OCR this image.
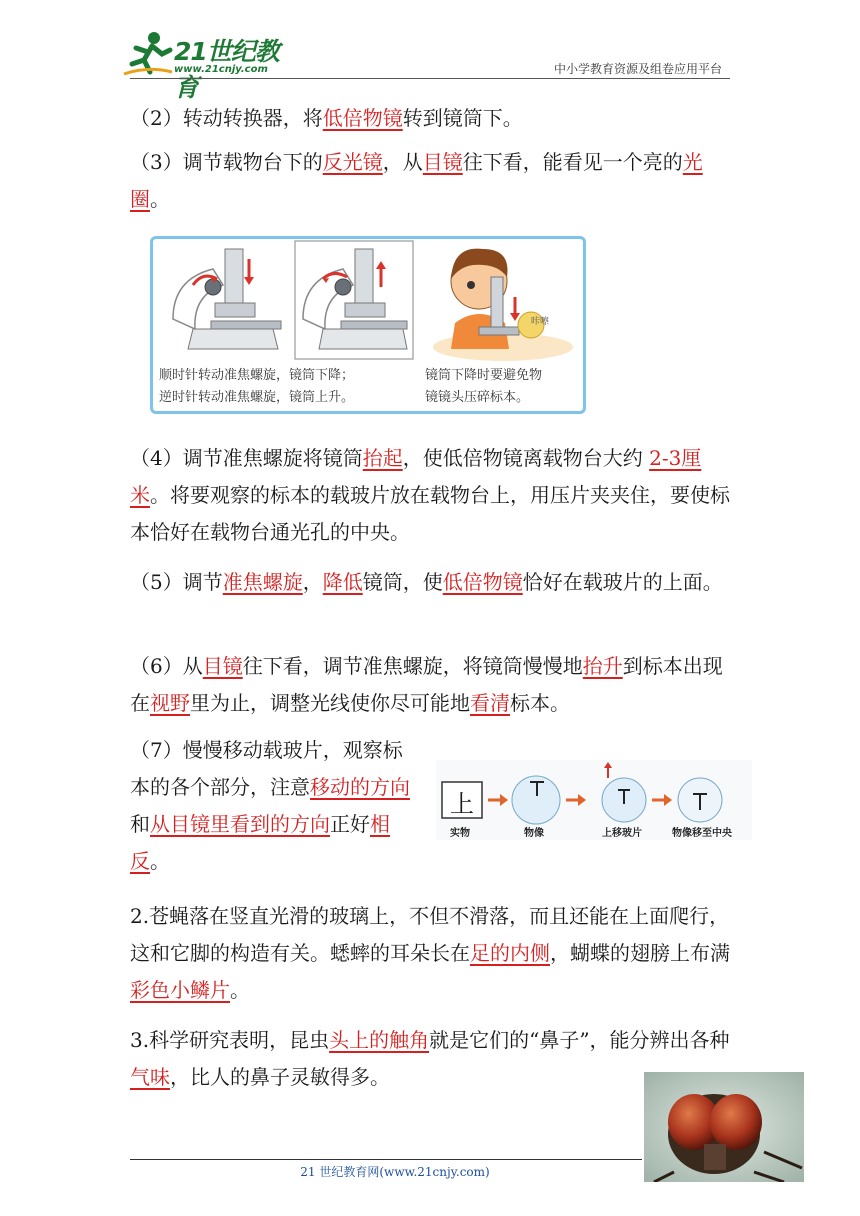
21世纪教育
www.21cnjy.com	中小学教育资源及组卷应用平台

（2）转动转换器，将低倍物镜转到镜筒下。

（3）调节载物台下的反光镜，从目镜往下看，能看见一个亮的光圈。

咔嚓
顺时针转动准焦螺旋，镜筒下降；
逆时针转动准焦螺旋，镜筒上升。
镜筒下降时要避免物
镜镜头压碎标本。

（4）调节准焦螺旋将镜筒抬起，使低倍物镜离载物台大约 2-3厘米。将要观察的标本的载玻片放在载物台上，用压片夹夹住，要使标本恰好在载物台通光孔的中央。

（5）调节准焦螺旋，降低镜筒，使低倍物镜恰好在载玻片的上面。

（6）从目镜往下看，调节准焦螺旋，将镜筒慢慢地抬升到标本出现在视野里为止，调整光线使你尽可能地看清标本。

（7）慢慢移动载玻片，观察标
本的各个部分，注意移动的方向
和从目镜里看到的方向正好相
反。
上
实物	物像	上移玻片	物像移至中央

2.苍蝇落在竖直光滑的玻璃上，不但不滑落，而且还能在上面爬行，这和它脚的构造有关。蟋蟀的耳朵长在足的内侧，蝴蝶的翅膀上布满彩色小鳞片。

3.科学研究表明，昆虫头上的触角就是它们的“鼻子”，能分辨出各种气味，比人的鼻子灵敏得多。

21 世纪教育网(www.21cnjy.com)
